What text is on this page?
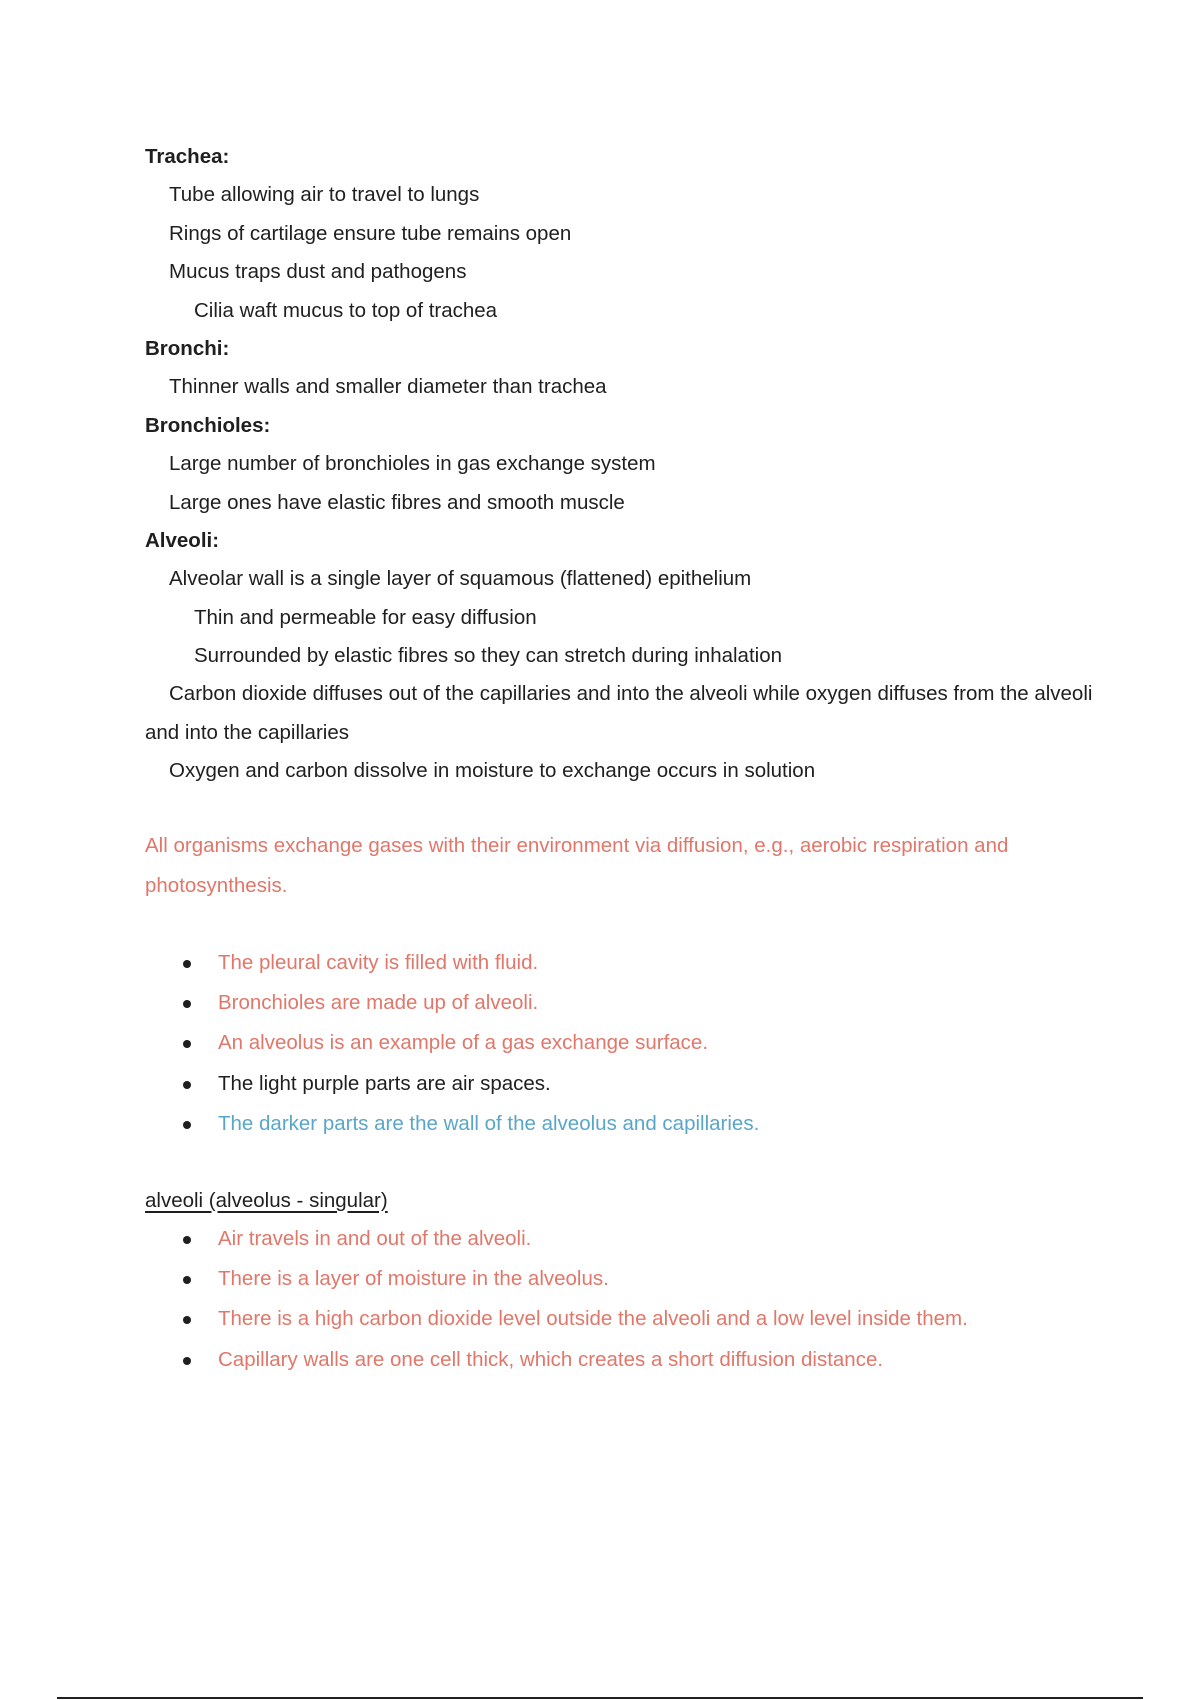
Trachea:
Tube allowing air to travel to lungs
Rings of cartilage ensure tube remains open
Mucus traps dust and pathogens
Cilia waft mucus to top of trachea
Bronchi:
Thinner walls and smaller diameter than trachea
Bronchioles:
Large number of bronchioles in gas exchange system
Large ones have elastic fibres and smooth muscle
Alveoli:
Alveolar wall is a single layer of squamous (flattened) epithelium
Thin and permeable for easy diffusion
Surrounded by elastic fibres so they can stretch during inhalation
Carbon dioxide diffuses out of the capillaries and into the alveoli while oxygen diffuses from the alveoli and into the capillaries
Oxygen and carbon dissolve in moisture to exchange occurs in solution
All organisms exchange gases with their environment via diffusion, e.g., aerobic respiration and photosynthesis.
The pleural cavity is filled with fluid.
Bronchioles are made up of alveoli.
An alveolus is an example of a gas exchange surface.
The light purple parts are air spaces.
The darker parts are the wall of the alveolus and capillaries.
alveoli (alveolus - singular)
Air travels in and out of the alveoli.
There is a layer of moisture in the alveolus.
There is a high carbon dioxide level outside the alveoli and a low level inside them.
Capillary walls are one cell thick, which creates a short diffusion distance.
